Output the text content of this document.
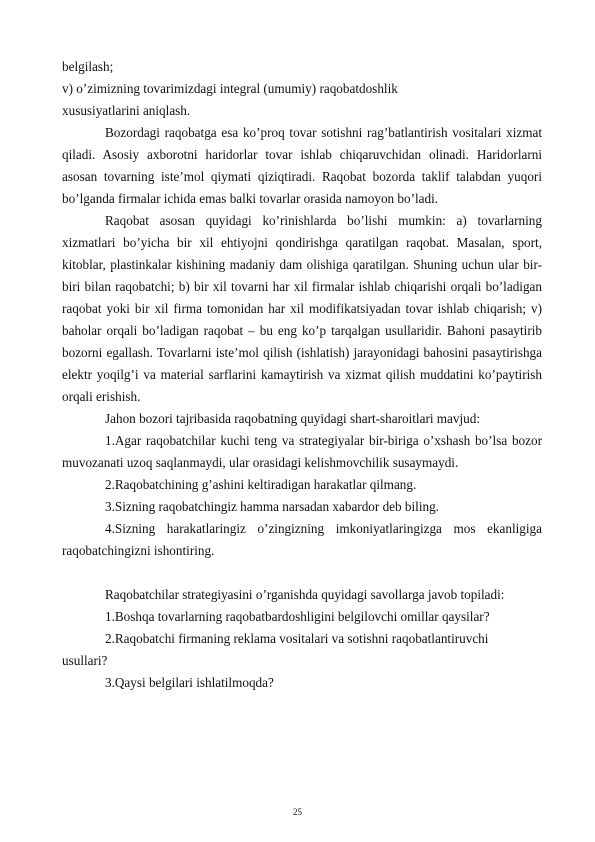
belgilash;
v) o’zimizning tovarimizdagi integral (umumiy) raqobatdoshlik
xususiyatlarini aniqlash.
Bozordagi raqobatga esa ko’proq tovar sotishni rag’batlantirish vositalari xizmat
qiladi. Asosiy axborotni haridorlar tovar ishlab chiqaruvchidan olinadi. Haridorlarni
asosan tovarning iste’mol qiymati qiziqtiradi. Raqobat bozorda taklif talabdan yuqori
bo’lganda firmalar ichida emas balki tovarlar orasida namoyon bo’ladi.
Raqobat asosan quyidagi ko’rinishlarda bo’lishi mumkin: a) tovarlarning
xizmatlari bo’yicha bir xil ehtiyojni qondirishga qaratilgan raqobat. Masalan, sport,
kitoblar, plastinkalar kishining madaniy dam olishiga qaratilgan. Shuning uchun ular bir-
biri bilan raqobatchi; b) bir xil tovarni har xil firmalar ishlab chiqarishi orqali bo’ladigan
raqobat yoki bir xil firma tomonidan har xil modifikatsiyadan tovar ishlab chiqarish; v)
baholar orqali bo’ladigan raqobat – bu eng ko’p tarqalgan usullaridir. Bahoni pasaytirib
bozorni egallash. Tovarlarni iste’mol qilish (ishlatish) jarayonidagi bahosini pasaytirishga
elektr yoqilg’i va material sarflarini kamaytirish va xizmat qilish muddatini ko’paytirish
orqali erishish.
Jahon bozori tajribasida raqobatning quyidagi shart-sharoitlari mavjud:
1.Agar raqobatchilar kuchi teng va strategiyalar bir-biriga o’xshash bo’lsa bozor
muvozanati uzoq saqlanmaydi, ular orasidagi kelishmovchilik susaymaydi.
2.Raqobatchining g’ashini keltiradigan harakatlar qilmang.
3.Sizning raqobatchingiz hamma narsadan xabardor deb biling.
4.Sizning harakatlaringiz o’zingizning imkoniyatlaringizga mos ekanligiga
raqobatchingizni ishontiring.
Raqobatchilar strategiyasini o’rganishda quyidagi savollarga javob topiladi:
1.Boshqa tovarlarning raqobatbardoshligini belgilovchi omillar qaysilar?
2.Raqobatchi firmaning reklama vositalari va sotishni raqobatlantiruvchi
usullari?
3.Qaysi belgilari ishlatilmoqda?
25
